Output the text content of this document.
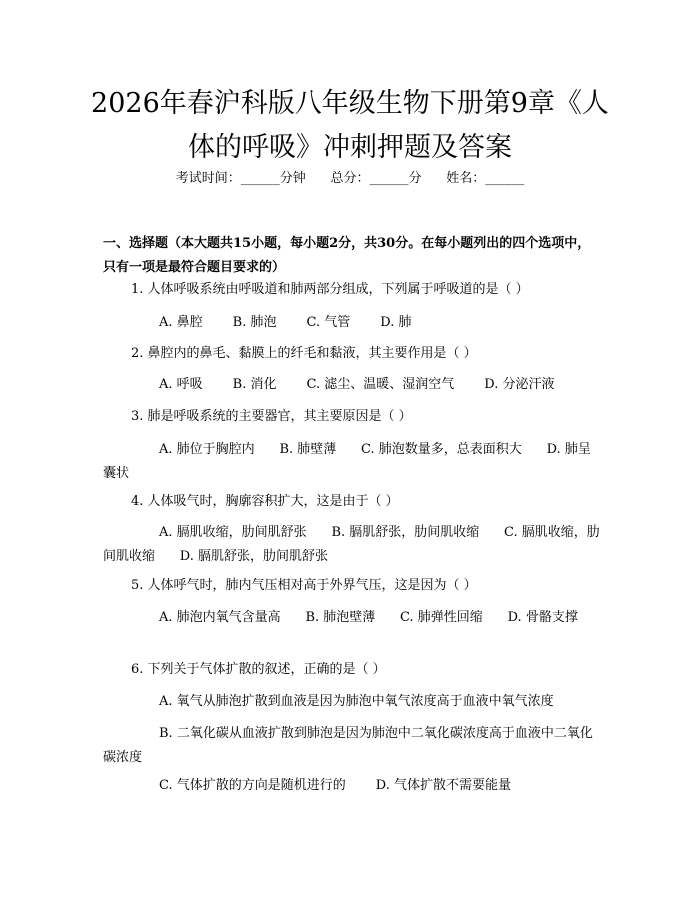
2026年春沪科版八年级生物下册第9章《人体的呼吸》冲刺押题及答案
考试时间：______分钟      总分：______分      姓名：______
一、选择题（本大题共15小题，每小题2分，共30分。在每小题列出的四个选项中，只有一项是最符合题目要求的）
1. 人体呼吸系统由呼吸道和肺两部分组成，下列属于呼吸道的是（ ）
A. 鼻腔 B. 肺泡 C. 气管 D. 肺
2. 鼻腔内的鼻毛、黏膜上的纤毛和黏液，其主要作用是（ ）
A. 呼吸 B. 消化 C. 滤尘、温暖、湿润空气 D. 分泌汗液
3. 肺是呼吸系统的主要器官，其主要原因是（ ）
A. 肺位于胸腔内      B. 肺壁薄      C. 肺泡数量多，总表面积大      D. 肺呈囊状
4. 人体吸气时，胸廓容积扩大，这是由于（ ）
A. 膈肌收缩，肋间肌舒张      B. 膈肌舒张，肋间肌收缩      C. 膈肌收缩，肋间肌收缩      D. 膈肌舒张，肋间肌舒张
5. 人体呼气时，肺内气压相对高于外界气压，这是因为（ ）
A. 肺泡内氧气含量高      B. 肺泡壁薄      C. 肺弹性回缩      D. 骨骼支撑
6. 下列关于气体扩散的叙述，正确的是（ ）
A. 氧气从肺泡扩散到血液是因为肺泡中氧气浓度高于血液中氧气浓度
B. 二氧化碳从血液扩散到肺泡是因为肺泡中二氧化碳浓度高于血液中二氧化碳浓度
C. 气体扩散的方向是随机进行的 D. 气体扩散不需要能量
